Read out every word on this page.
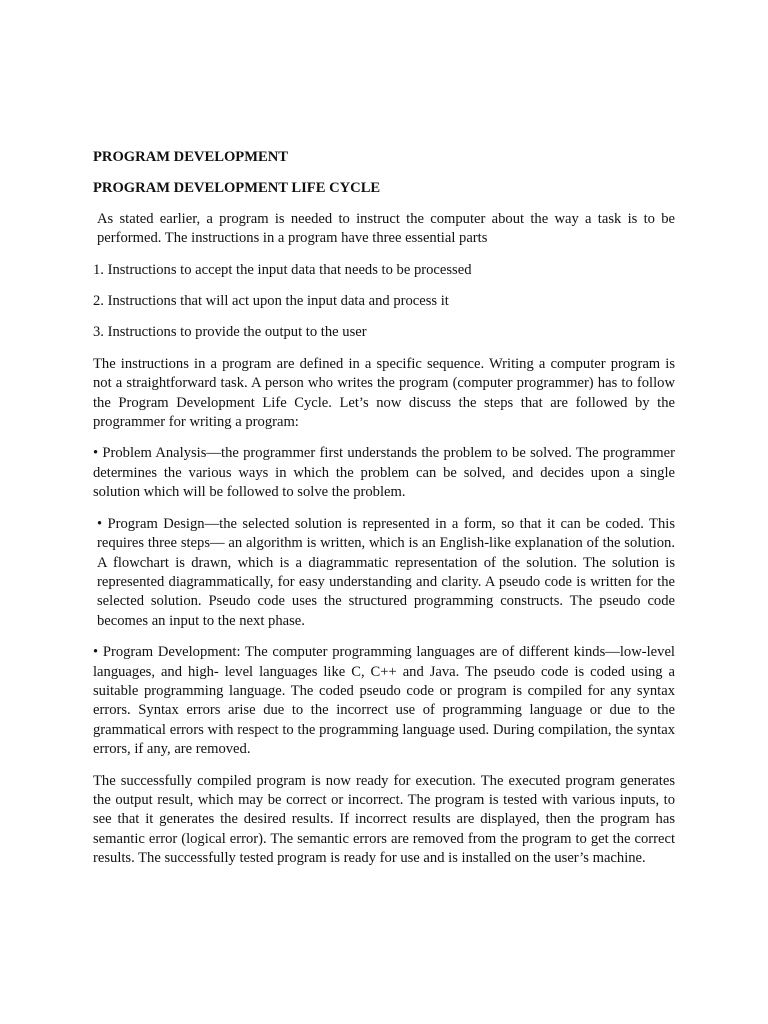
PROGRAM DEVELOPMENT
PROGRAM DEVELOPMENT LIFE CYCLE

As stated earlier, a program is needed to instruct the computer about the way a task is to be performed. The instructions in a program have three essential parts

1. Instructions to accept the input data that needs to be processed
2. Instructions that will act upon the input data and process it
3. Instructions to provide the output to the user

The instructions in a program are defined in a specific sequence. Writing a computer program is not a straightforward task. A person who writes the program (computer programmer) has to follow the Program Development Life Cycle. Let’s now discuss the steps that are followed by the programmer for writing a program:

• Problem Analysis—the programmer first understands the problem to be solved. The programmer determines the various ways in which the problem can be solved, and decides upon a single solution which will be followed to solve the problem.

• Program Design—the selected solution is represented in a form, so that it can be coded. This requires three steps— an algorithm is written, which is an English-like explanation of the solution. A flowchart is drawn, which is a diagrammatic representation of the solution. The solution is represented diagrammatically, for easy understanding and clarity. A pseudo code is written for the selected solution. Pseudo code uses the structured programming constructs. The pseudo code becomes an input to the next phase.

• Program Development: The computer programming languages are of different kinds—low-level languages, and high- level languages like C, C++ and Java. The pseudo code is coded using a suitable programming language. The coded pseudo code or program is compiled for any syntax errors. Syntax errors arise due to the incorrect use of programming language or due to the grammatical errors with respect to the programming language used. During compilation, the syntax errors, if any, are removed.

The successfully compiled program is now ready for execution. The executed program generates the output result, which may be correct or incorrect. The program is tested with various inputs, to see that it generates the desired results. If incorrect results are displayed, then the program has semantic error (logical error). The semantic errors are removed from the program to get the correct results. The successfully tested program is ready for use and is installed on the user’s machine.
